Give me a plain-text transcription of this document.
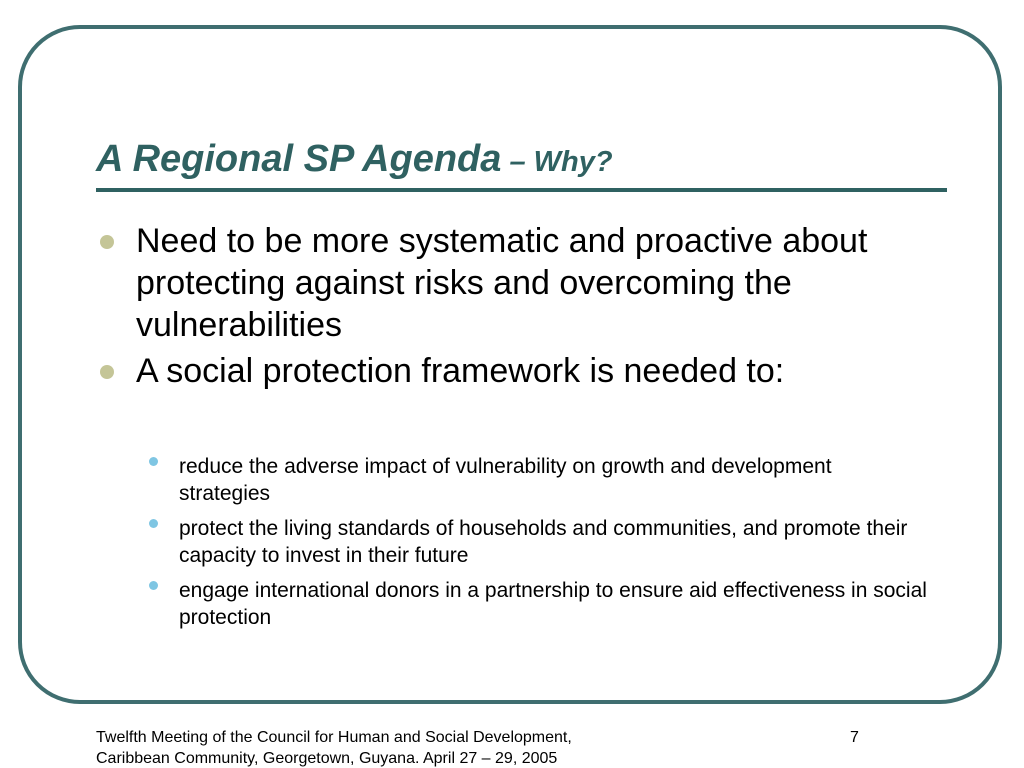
A Regional SP Agenda – Why?
Need to be more systematic and proactive about protecting against risks and overcoming the vulnerabilities
A social protection framework is needed to:
reduce the adverse impact of vulnerability on growth and development strategies
protect the living standards of households and communities, and promote their capacity to invest in their future
engage international donors in a partnership to ensure aid effectiveness in social protection

Twelfth Meeting of the Council for Human and Social Development,
Caribbean Community, Georgetown, Guyana. April 27 – 29, 2005

7
